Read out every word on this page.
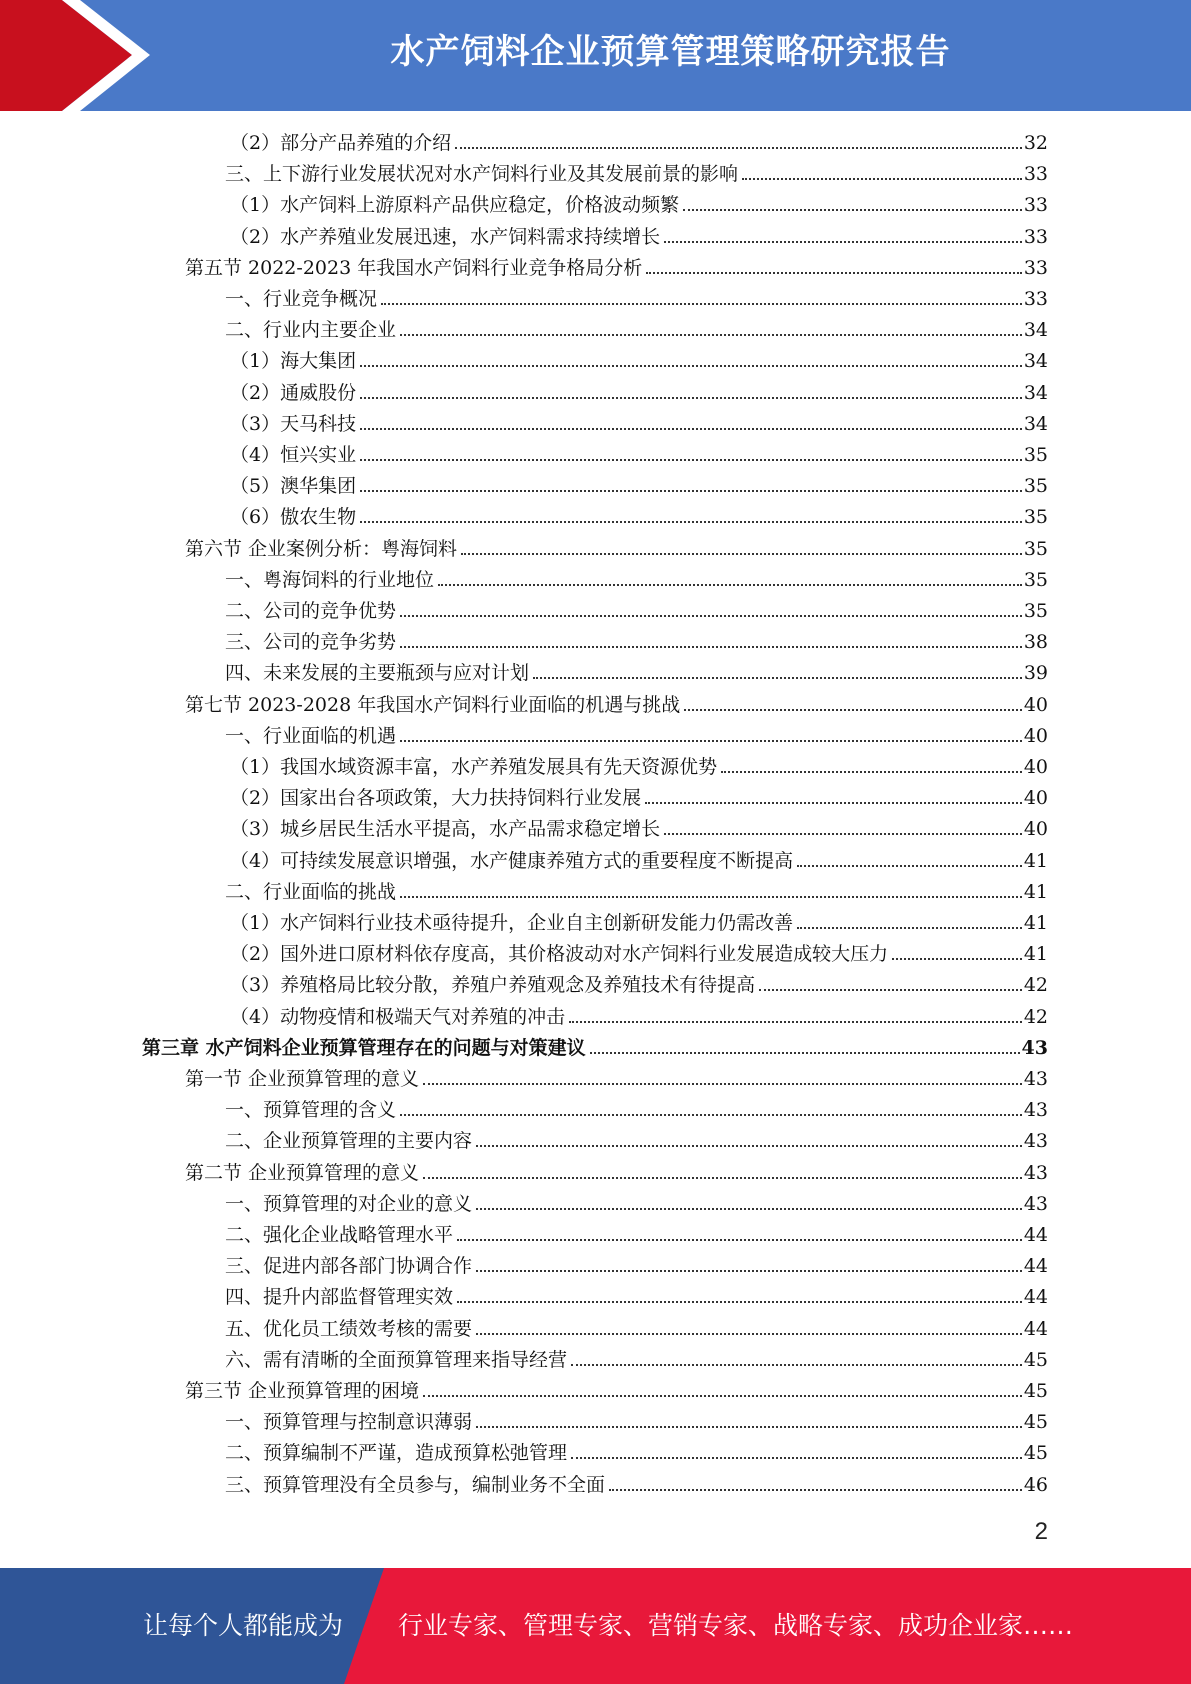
水产饲料企业预算管理策略研究报告
（2）部分产品养殖的介绍	32
三、上下游行业发展状况对水产饲料行业及其发展前景的影响	33
（1）水产饲料上游原料产品供应稳定，价格波动频繁	33
（2）水产养殖业发展迅速，水产饲料需求持续增长	33
第五节 2022-2023 年我国水产饲料行业竞争格局分析	33
一、行业竞争概况	33
二、行业内主要企业	34
（1）海大集团	34
（2）通威股份	34
（3）天马科技	34
（4）恒兴实业	35
（5）澳华集团	35
（6）傲农生物	35
第六节 企业案例分析：粤海饲料	35
一、粤海饲料的行业地位	35
二、公司的竞争优势	35
三、公司的竞争劣势	38
四、未来发展的主要瓶颈与应对计划	39
第七节 2023-2028 年我国水产饲料行业面临的机遇与挑战	40
一、行业面临的机遇	40
（1）我国水域资源丰富，水产养殖发展具有先天资源优势	40
（2）国家出台各项政策，大力扶持饲料行业发展	40
（3）城乡居民生活水平提高，水产品需求稳定增长	40
（4）可持续发展意识增强，水产健康养殖方式的重要程度不断提高	41
二、行业面临的挑战	41
（1）水产饲料行业技术亟待提升，企业自主创新研发能力仍需改善	41
（2）国外进口原材料依存度高，其价格波动对水产饲料行业发展造成较大压力	41
（3）养殖格局比较分散，养殖户养殖观念及养殖技术有待提高	42
（4）动物疫情和极端天气对养殖的冲击	42
第三章 水产饲料企业预算管理存在的问题与对策建议	43
第一节 企业预算管理的意义	43
一、预算管理的含义	43
二、企业预算管理的主要内容	43
第二节 企业预算管理的意义	43
一、预算管理的对企业的意义	43
二、强化企业战略管理水平	44
三、促进内部各部门协调合作	44
四、提升内部监督管理实效	44
五、优化员工绩效考核的需要	44
六、需有清晰的全面预算管理来指导经营	45
第三节 企业预算管理的困境	45
一、预算管理与控制意识薄弱	45
二、预算编制不严谨，造成预算松弛管理	45
三、预算管理没有全员参与，编制业务不全面	46
2
让每个人都能成为 行业专家、管理专家、营销专家、战略专家、成功企业家……
